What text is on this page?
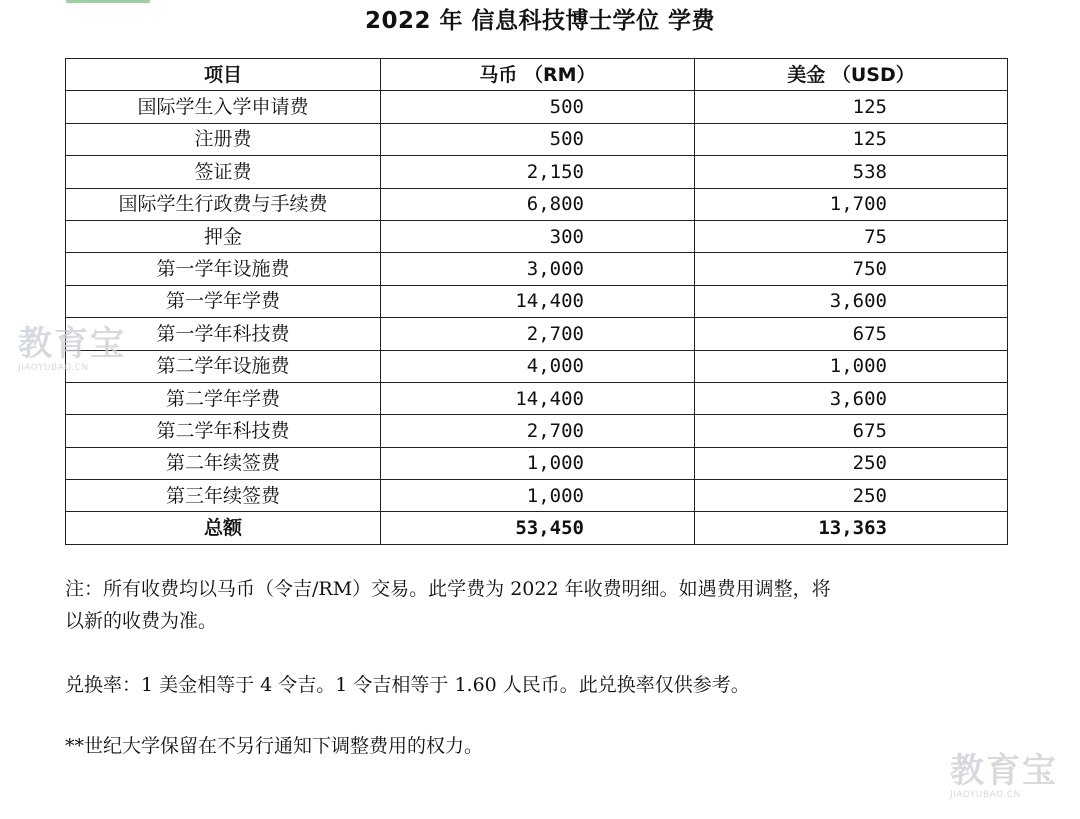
2022 年 信息科技博士学位 学费
项目	马币 （RM）	美金 （USD）
国际学生入学申请费	500	125
注册费	500	125
签证费	2,150	538
国际学生行政费与手续费	6,800	1,700
押金	300	75
第一学年设施费	3,000	750
第一学年学费	14,400	3,600
第一学年科技费	2,700	675
第二学年设施费	4,000	1,000
第二学年学费	14,400	3,600
第二学年科技费	2,700	675
第二年续签费	1,000	250
第三年续签费	1,000	250
总额	53,450	13,363
注：所有收费均以马币（令吉/RM）交易。此学费为 2022 年收费明细。如遇费用调整，将
以新的收费为准。
兑换率：1 美金相等于 4 令吉。1 令吉相等于 1.60 人民币。此兑换率仅供参考。
**世纪大学保留在不另行通知下调整费用的权力。
教育宝
JIAOYUBAO.CN
教育宝
JIAOYUBAO.CN
